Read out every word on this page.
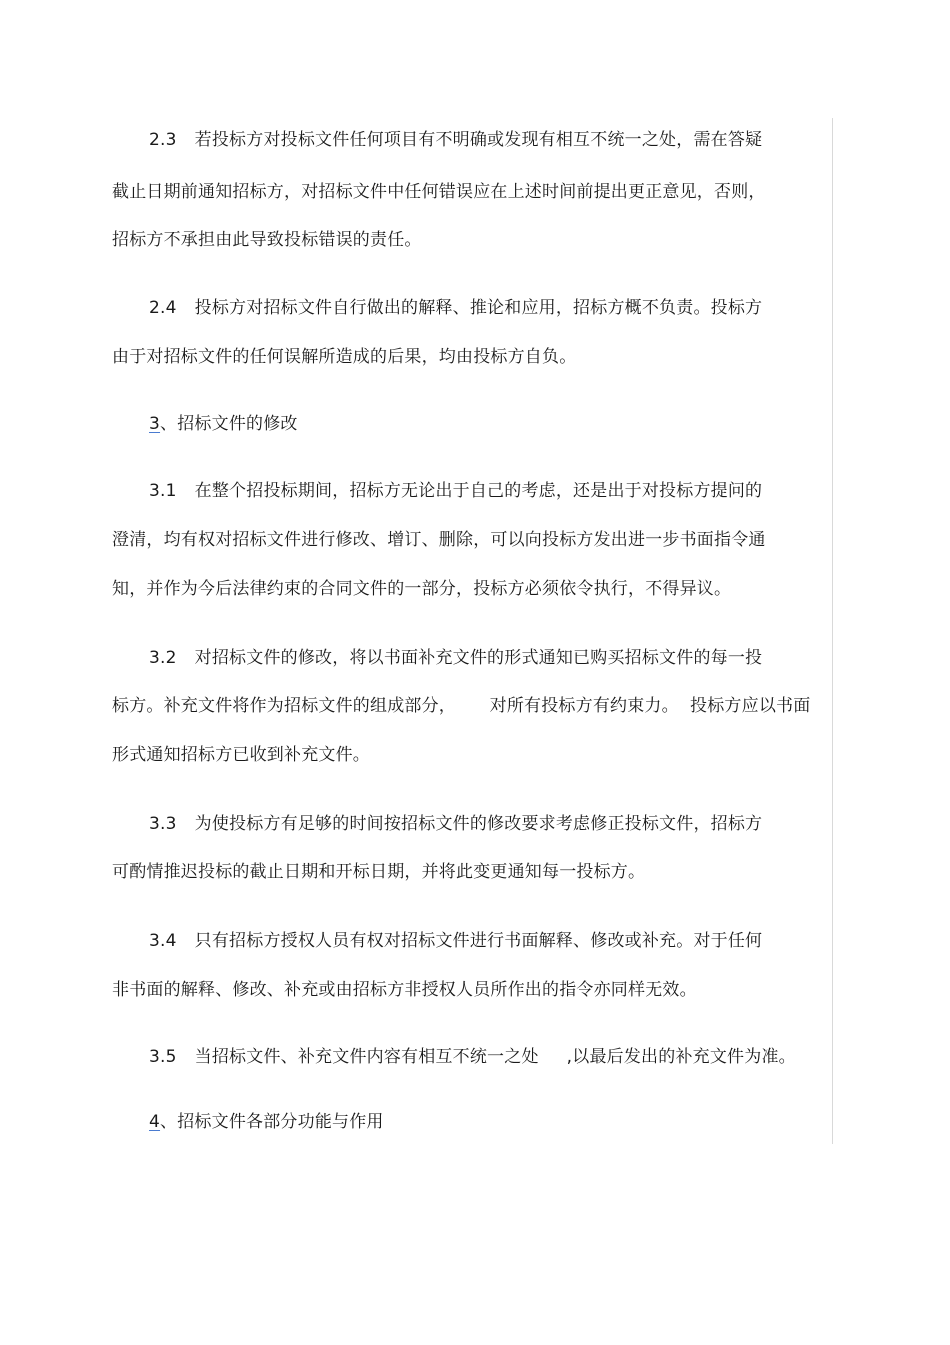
2.3 若投标方对投标文件任何项目有不明确或发现有相互不统一之处，需在答疑
截止日期前通知招标方，对招标文件中任何错误应在上述时间前提出更正意见，否则，
招标方不承担由此导致投标错误的责任。
2.4 投标方对招标文件自行做出的解释、推论和应用，招标方概不负责。投标方
由于对招标文件的任何误解所造成的后果，均由投标方自负。
3、招标文件的修改
3.1 在整个招投标期间，招标方无论出于自己的考虑，还是出于对投标方提问的
澄清，均有权对招标文件进行修改、增订、删除，可以向投标方发出进一步书面指令通
知，并作为今后法律约束的合同文件的一部分，投标方必须依令执行，不得异议。
3.2 对招标文件的修改，将以书面补充文件的形式通知已购买招标文件的每一投
标方。补充文件将作为招标文件的组成部分，      对所有投标方有约束力。  投标方应以书面
形式通知招标方已收到补充文件。
3.3 为使投标方有足够的时间按招标文件的修改要求考虑修正投标文件，招标方
可酌情推迟投标的截止日期和开标日期，并将此变更通知每一投标方。
3.4 只有招标方授权人员有权对招标文件进行书面解释、修改或补充。对于任何
非书面的解释、修改、补充或由招标方非授权人员所作出的指令亦同样无效。
3.5 当招标文件、补充文件内容有相互不统一之处     ,以最后发出的补充文件为准。
4、招标文件各部分功能与作用
